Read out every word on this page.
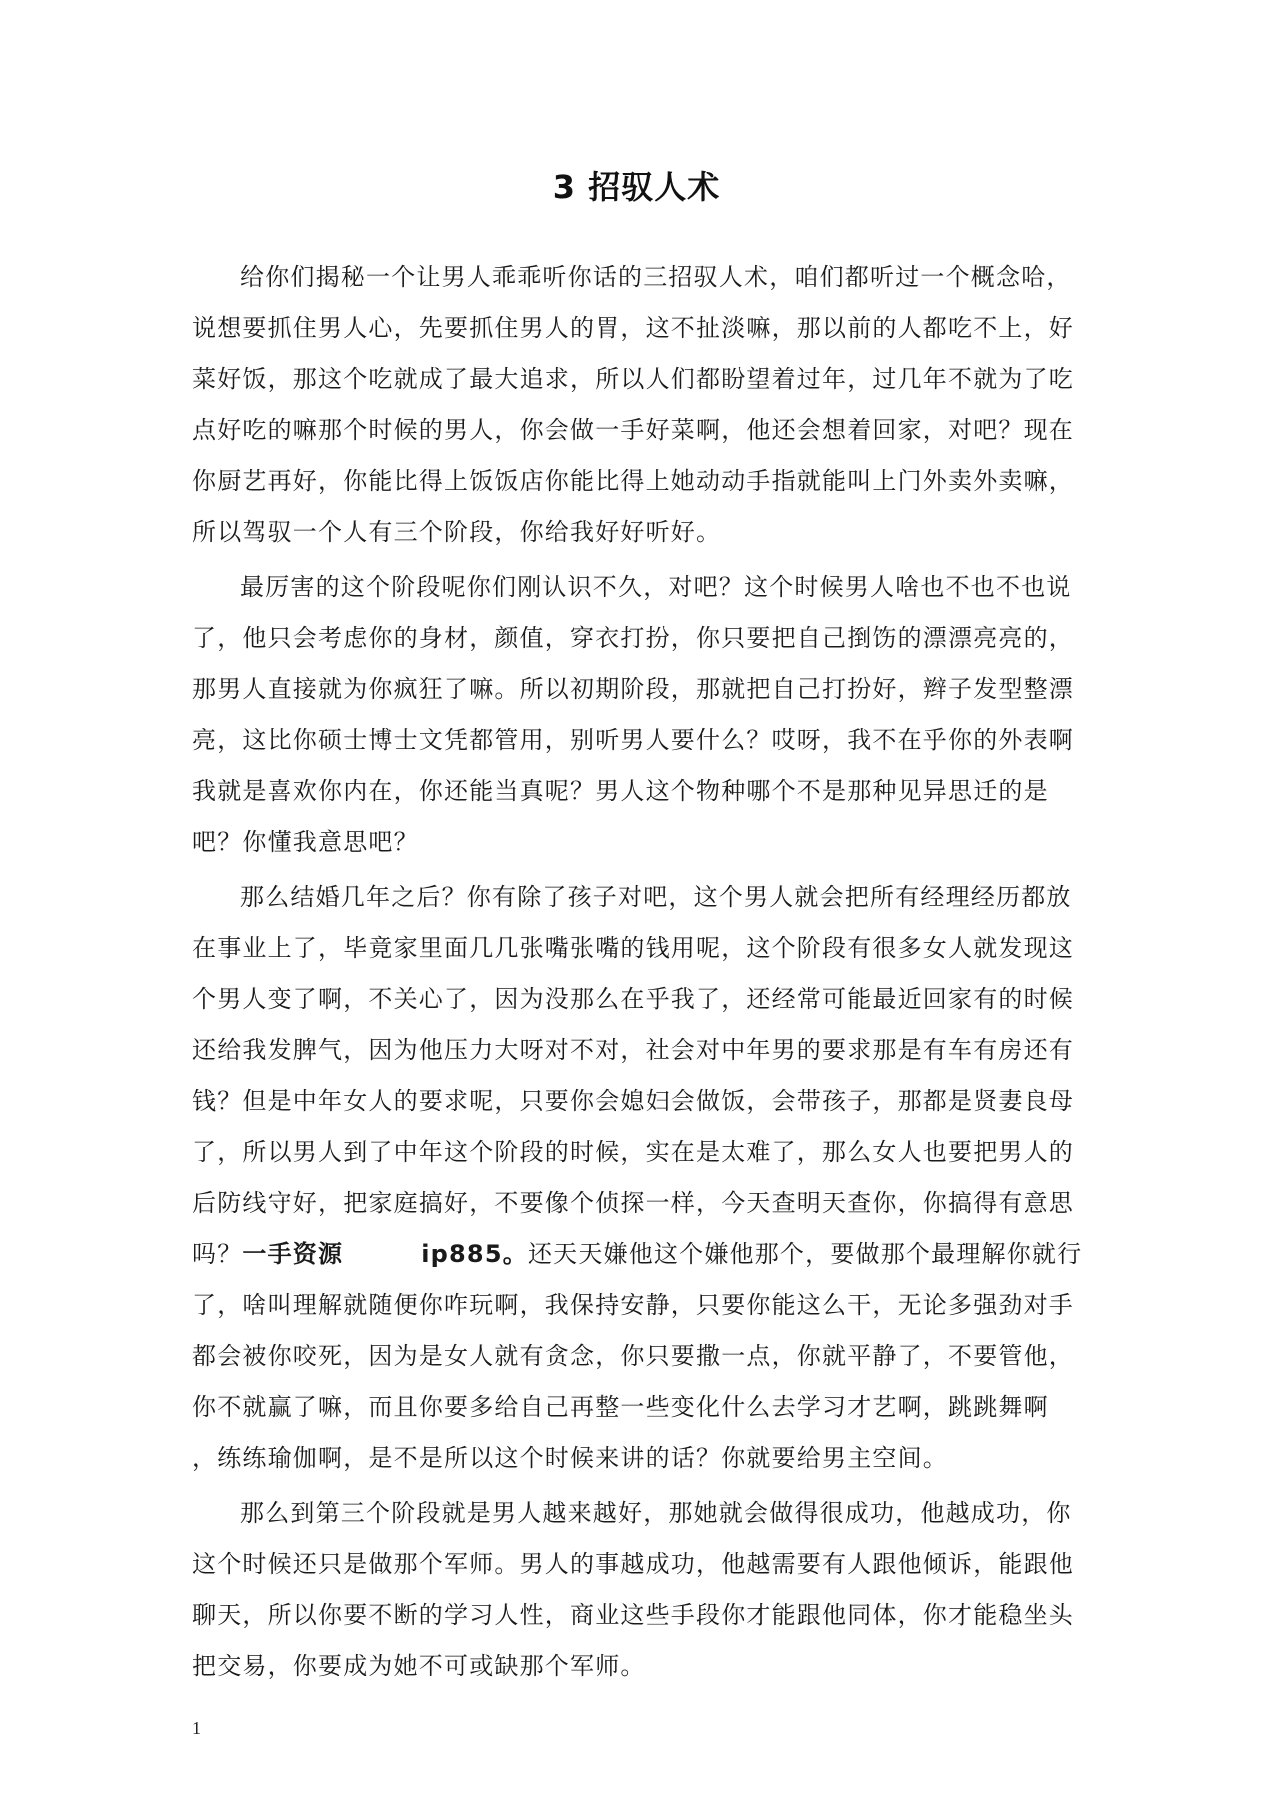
3 招驭人术

给你们揭秘一个让男人乖乖听你话的三招驭人术，咱们都听过一个概念哈，
说想要抓住男人心，先要抓住男人的胃，这不扯淡嘛，那以前的人都吃不上，好
菜好饭，那这个吃就成了最大追求，所以人们都盼望着过年，过几年不就为了吃
点好吃的嘛那个时候的男人，你会做一手好菜啊，他还会想着回家，对吧？现在
你厨艺再好，你能比得上饭饭店你能比得上她动动手指就能叫上门外卖外卖嘛，
所以驾驭一个人有三个阶段，你给我好好听好。

最厉害的这个阶段呢你们刚认识不久，对吧？这个时候男人啥也不也不也说
了，他只会考虑你的身材，颜值，穿衣打扮，你只要把自己捯饬的漂漂亮亮的，
那男人直接就为你疯狂了嘛。所以初期阶段，那就把自己打扮好，辫子发型整漂
亮，这比你硕士博士文凭都管用，别听男人要什么？哎呀，我不在乎你的外表啊
我就是喜欢你内在，你还能当真呢？男人这个物种哪个不是那种见异思迁的是
吧？你懂我意思吧？

那么结婚几年之后？你有除了孩子对吧，这个男人就会把所有经理经历都放
在事业上了，毕竟家里面几几张嘴张嘴的钱用呢，这个阶段有很多女人就发现这
个男人变了啊，不关心了，因为没那么在乎我了，还经常可能最近回家有的时候
还给我发脾气，因为他压力大呀对不对，社会对中年男的要求那是有车有房还有
钱？但是中年女人的要求呢，只要你会媳妇会做饭，会带孩子，那都是贤妻良母
了，所以男人到了中年这个阶段的时候，实在是太难了，那么女人也要把男人的
后防线守好，把家庭搞好，不要像个侦探一样，今天查明天查你，你搞得有意思
吗？一手资源	ip885。还天天嫌他这个嫌他那个，要做那个最理解你就行
了，啥叫理解就随便你咋玩啊，我保持安静，只要你能这么干，无论多强劲对手
都会被你咬死，因为是女人就有贪念，你只要撒一点，你就平静了，不要管他，
你不就赢了嘛，而且你要多给自己再整一些变化什么去学习才艺啊，跳跳舞啊
，练练瑜伽啊，是不是所以这个时候来讲的话？你就要给男主空间。

那么到第三个阶段就是男人越来越好，那她就会做得很成功，他越成功，你
这个时候还只是做那个军师。男人的事越成功，他越需要有人跟他倾诉，能跟他
聊天，所以你要不断的学习人性，商业这些手段你才能跟他同体，你才能稳坐头
把交易，你要成为她不可或缺那个军师。

1
